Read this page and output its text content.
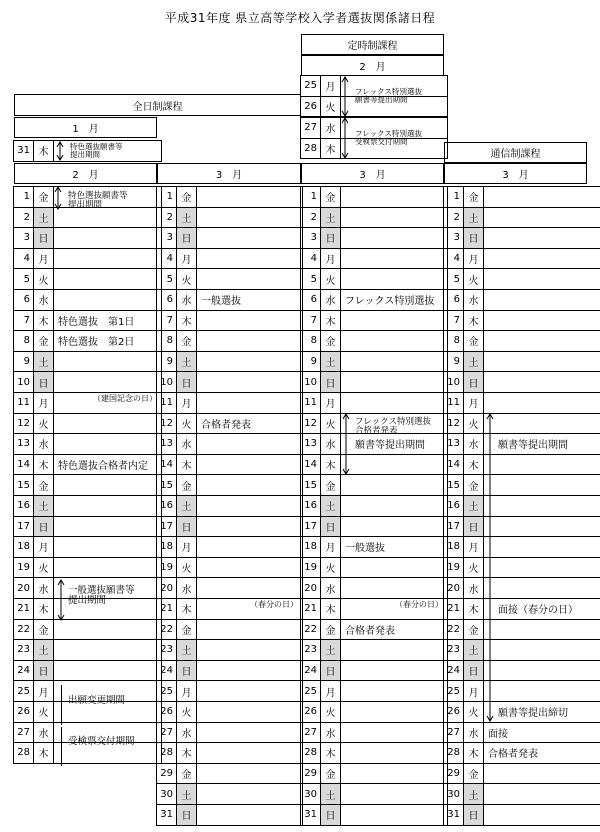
平成31年度 県立高等学校入学者選抜関係諸日程
全日制課程
定時制課程
通信制課程
1　月
2　月	3　月
2　月
3　月	3　月
31 木
特色選抜願書等
提出期間
1 金	特色選抜願書等
提出期間
2 土
3 日
4 月
5 火
6 水
7 木 特色選抜　第1日
8 金 特色選抜　第2日
9 土
10 日
11 月
（建国記念の日）
12 火
13 水
14 木 特色選抜合格者内定
15 金
16 土
17 日
18 月
19 火
20 水	一般選抜願書等
提出期間
21 木
22 金
23 土
24 日
25 月
出願変更期間
26 火
27 水
受検票交付期間
28 木
1 金
2 土
3 日
4 月
5 火
6 水 一般選抜
7 木
8 金
9 土
10 日
11 月
12 火 合格者発表
13 水
14 木
15 金
16 土
17 日
18 月
19 火
20 水
21 木
（春分の日）
22 金
23 土
24 日
25 月
26 火
27 水
28 木
29 金
30 土
31 日
25 月	フレックス特別選抜
願書等提出期間
26 火
27 水	フレックス特別選抜
受検票交付期間
28 木
1 金
2 土
3 日
4 月
5 火
6 水 フレックス特別選抜
7 木
8 金
9 土
10 日
11 月
12 火	フレックス特別選抜
合格者発表
13 水	願書等提出期間
14 木
15 金
16 土
17 日
18 月 一般選抜
19 火
20 水
21 木
（春分の日）
22 金 合格者発表
23 土
24 日
25 月
26 火
27 水
28 木
29 金
30 土
31 日
1 金
2 土
3 日
4 月
5 火
6 水
7 木
8 金
9 土
10 日
11 月
12 火
13 水	願書等提出期間
14 木
15 金
16 土
17 日
18 月
19 火
20 水
21 木	面接（春分の日）
22 金
23 土
24 日
25 月
26 火	願書等提出締切
27 水 面接
28 木 合格者発表
29 金
30 土
31 日
